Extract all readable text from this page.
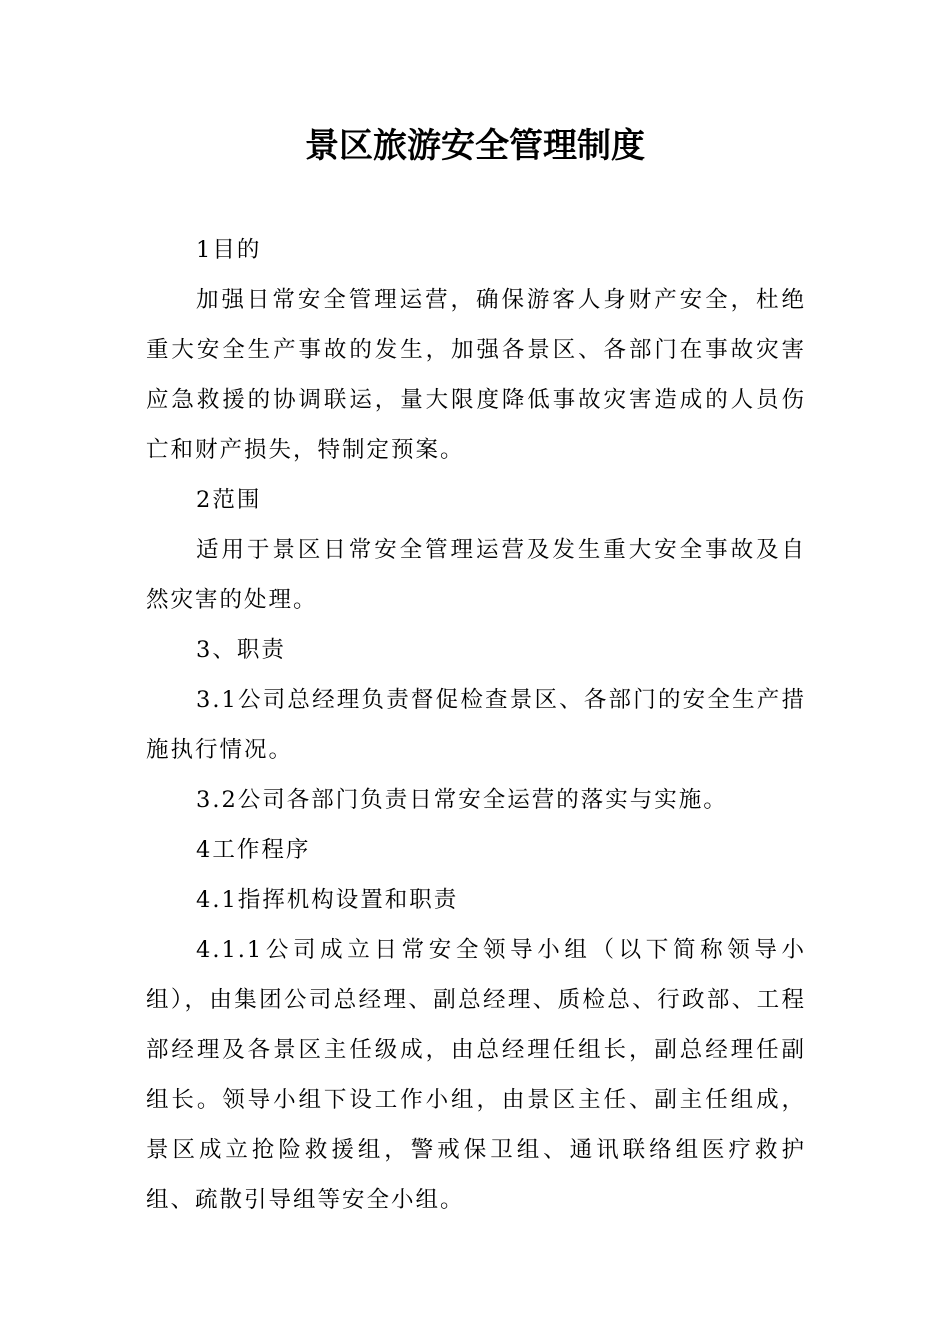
景区旅游安全管理制度

1目的

加强日常安全管理运营，确保游客人身财产安全，杜绝重大安全生产事故的发生，加强各景区、各部门在事故灾害应急救援的协调联运，量大限度降低事故灾害造成的人员伤亡和财产损失，特制定预案。

2范围

适用于景区日常安全管理运营及发生重大安全事故及自然灾害的处理。

3、职责

3.1公司总经理负责督促检查景区、各部门的安全生产措施执行情况。

3.2公司各部门负责日常安全运营的落实与实施。

4工作程序

4.1指挥机构设置和职责

4.1.1公司成立日常安全领导小组（以下简称领导小组），由集团公司总经理、副总经理、质检总、行政部、工程部经理及各景区主任级成，由总经理任组长，副总经理任副组长。领导小组下设工作小组，由景区主任、副主任组成，景区成立抢险救援组，警戒保卫组、通讯联络组医疗救护组、疏散引导组等安全小组。
